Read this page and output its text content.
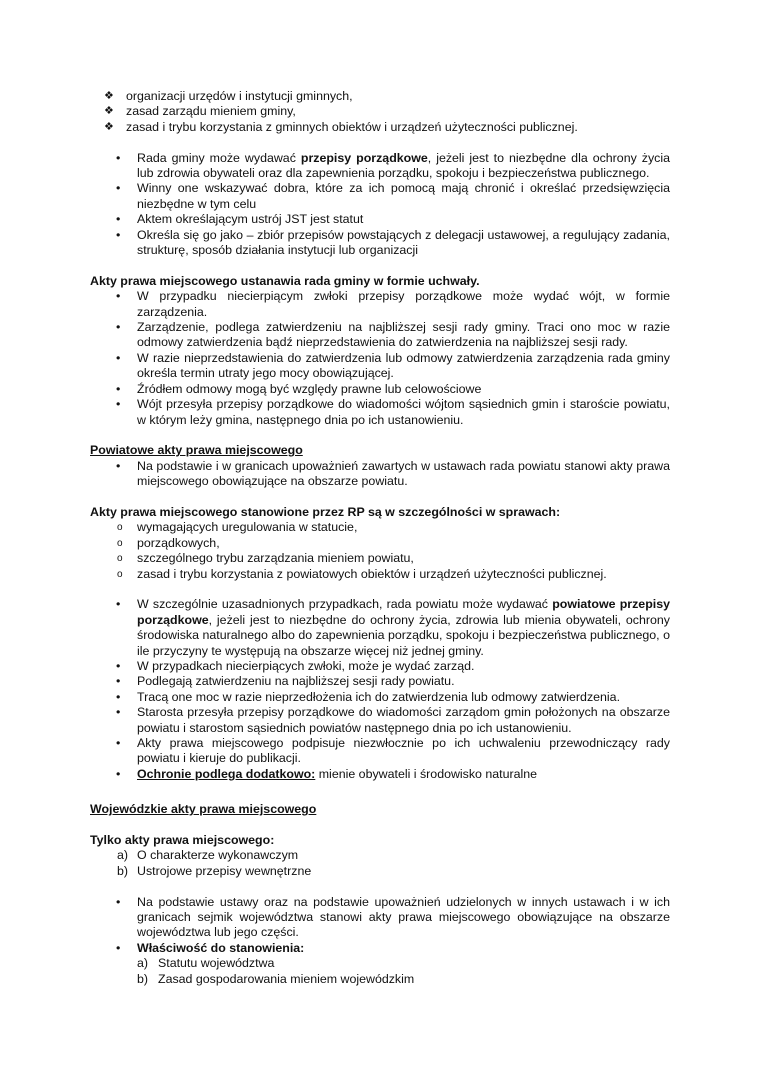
❖ organizacji urzędów i instytucji gminnych,
❖ zasad zarządu mieniem gminy,
❖ zasad i trybu korzystania z gminnych obiektów i urządzeń użyteczności publicznej.
• Rada gminy może wydawać przepisy porządkowe, jeżeli jest to niezbędne dla ochrony życia lub zdrowia obywateli oraz dla zapewnienia porządku, spokoju i bezpieczeństwa publicznego.
• Winny one wskazywać dobra, które za ich pomocą mają chronić i określać przedsięwzięcia niezbędne w tym celu
• Aktem określającym ustrój JST jest statut
• Określa się go jako – zbiór przepisów powstających z delegacji ustawowej, a regulujący zadania, strukturę, sposób działania instytucji lub organizacji
Akty prawa miejscowego ustanawia rada gminy w formie uchwały.
• W przypadku niecierpiącym zwłoki przepisy porządkowe może wydać wójt, w formie zarządzenia.
• Zarządzenie, podlega zatwierdzeniu na najbliższej sesji rady gminy. Traci ono moc w razie odmowy zatwierdzenia bądź nieprzedstawienia do zatwierdzenia na najbliższej sesji rady.
• W razie nieprzedstawienia do zatwierdzenia lub odmowy zatwierdzenia zarządzenia rada gminy określa termin utraty jego mocy obowiązującej.
• Źródłem odmowy mogą być względy prawne lub celowościowe
• Wójt przesyła przepisy porządkowe do wiadomości wójtom sąsiednich gmin i staroście powiatu, w którym leży gmina, następnego dnia po ich ustanowieniu.
Powiatowe akty prawa miejscowego
• Na podstawie i w granicach upoważnień zawartych w ustawach rada powiatu stanowi akty prawa miejscowego obowiązujące na obszarze powiatu.
Akty prawa miejscowego stanowione przez RP są w szczególności w sprawach:
o wymagających uregulowania w statucie,
o porządkowych,
o szczególnego trybu zarządzania mieniem powiatu,
o zasad i trybu korzystania z powiatowych obiektów i urządzeń użyteczności publicznej.
• W szczególnie uzasadnionych przypadkach, rada powiatu może wydawać powiatowe przepisy porządkowe, jeżeli jest to niezbędne do ochrony życia, zdrowia lub mienia obywateli, ochrony środowiska naturalnego albo do zapewnienia porządku, spokoju i bezpieczeństwa publicznego, o ile przyczyny te występują na obszarze więcej niż jednej gminy.
• W przypadkach niecierpiących zwłoki, może je wydać zarząd.
• Podlegają zatwierdzeniu na najbliższej sesji rady powiatu.
• Tracą one moc w razie nieprzedłożenia ich do zatwierdzenia lub odmowy zatwierdzenia.
• Starosta przesyła przepisy porządkowe do wiadomości zarządom gmin położonych na obszarze powiatu i starostom sąsiednich powiatów następnego dnia po ich ustanowieniu.
• Akty prawa miejscowego podpisuje niezwłocznie po ich uchwaleniu przewodniczący rady powiatu i kieruje do publikacji.
• Ochronie podlega dodatkowo: mienie obywateli i środowisko naturalne
Wojewódzkie akty prawa miejscowego
Tylko akty prawa miejscowego:
a) O charakterze wykonawczym
b) Ustrojowe przepisy wewnętrzne
• Na podstawie ustawy oraz na podstawie upoważnień udzielonych w innych ustawach i w ich granicach sejmik województwa stanowi akty prawa miejscowego obowiązujące na obszarze województwa lub jego części.
• Właściwość do stanowienia:
a) Statutu województwa
b) Zasad gospodarowania mieniem wojewódzkim
